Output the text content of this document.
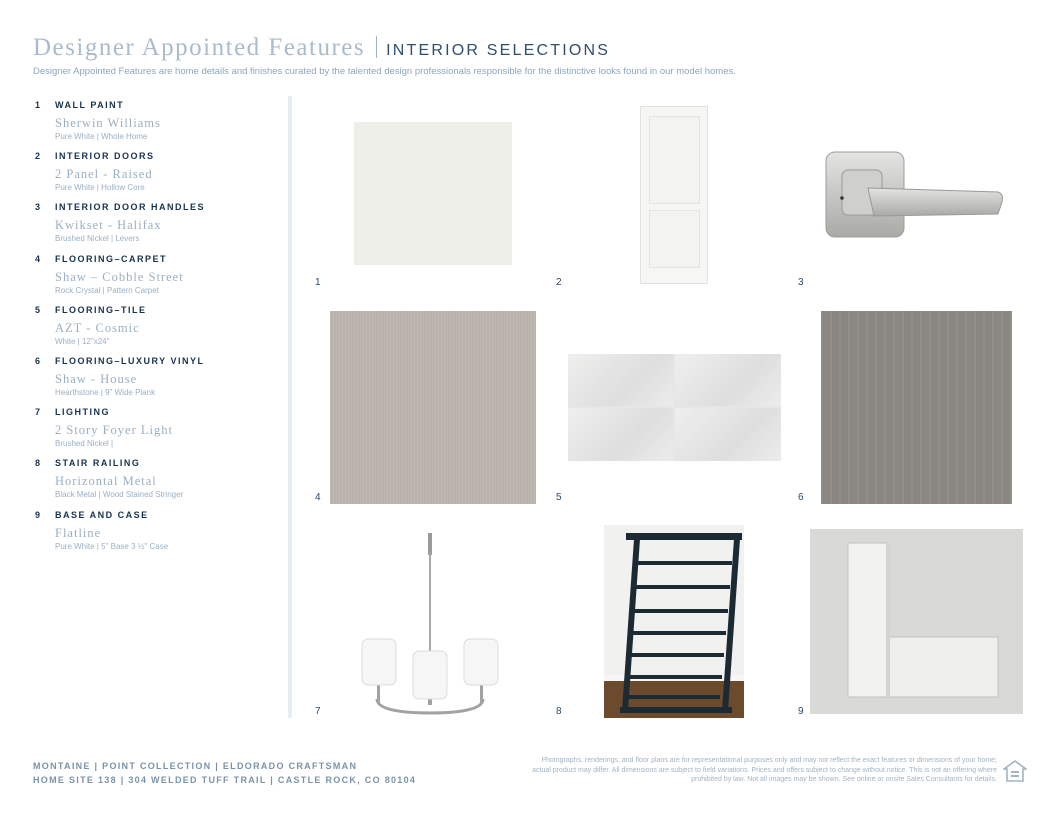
Designer Appointed Features INTERIOR SELECTIONS
Designer Appointed Features are home details and finishes curated by the talented design professionals responsible for the distinctive looks found in our model homes.
1 WALL PAINT
Sherwin Williams
Pure White | Whole Home
2 INTERIOR DOORS
2 Panel - Raised
Pure White | Hollow Core
3 INTERIOR DOOR HANDLES
Kwikset - Halifax
Brushed Nickel | Levers
4 FLOORING–CARPET
Shaw – Cobble Street
Rock Crystal | Pattern Carpet
5 FLOORING–TILE
AZT - Cosmic
White | 12"x24"
6 FLOORING–LUXURY VINYL
Shaw - House
Hearthstone | 9" Wide Plank
7 LIGHTING
2 Story Foyer Light
Brushed Nickel |
8 STAIR RAILING
Horizontal Metal
Black Metal | Wood Stained Stringer
9 BASE AND CASE
Flatline
Pure White | 5" Base 3 ½" Case
1	2	3
4	5	6
7	8	9
MONTAINE | POINT COLLECTION | ELDORADO CRAFTSMAN
HOME SITE 138 | 304 WELDED TUFF TRAIL | CASTLE ROCK, CO 80104
Photographs, renderings, and floor plans are for representational purposes only and may not reflect the exact features or dimensions of your home; actual product may differ. All dimensions are subject to field variations. Prices and offers subject to change without notice. This is not an offering where prohibited by law. Not all images may be shown. See online or onsite Sales Consultants for details.
